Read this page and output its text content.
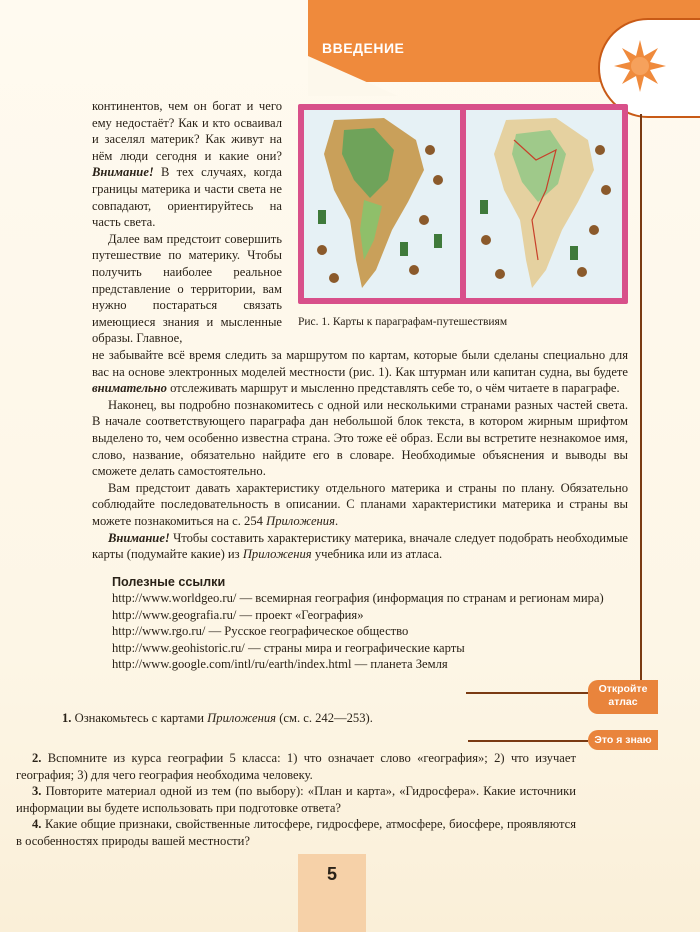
ВВЕДЕНИЕ

континентов, чем он богат и чего ему недостаёт? Как и кто осваивал и заселял материк? Как живут на нём люди сегодня и какие они? Внимание! В тех случаях, когда границы материка и части света не совпадают, ориентируйтесь на часть света.

Далее вам предстоит совершить путешествие по материку. Чтобы получить наиболее реальное представление о территории, вам нужно постараться связать имеющиеся знания и мысленные образы. Главное,

Рис. 1. Карты к параграфам-путешествиям

не забывайте всё время следить за маршрутом по картам, которые были сделаны специально для вас на основе электронных моделей местности (рис. 1). Как штурман или капитан судна, вы будете внимательно отслеживать маршрут и мысленно представлять себе то, о чём читаете в параграфе.

Наконец, вы подробно познакомитесь с одной или несколькими странами разных частей света. В начале соответствующего параграфа дан небольшой блок текста, в котором жирным шрифтом выделено то, чем особенно известна страна. Это тоже её образ. Если вы встретите незнакомое имя, слово, название, обязательно найдите его в словаре. Необходимые объяснения и выводы вы сможете делать самостоятельно.

Вам предстоит давать характеристику отдельного материка и страны по плану. Обязательно соблюдайте последовательность в описании. С планами характеристики материка и страны вы можете познакомиться на с. 254 Приложения.

Внимание! Чтобы составить характеристику материка, вначале следует подобрать необходимые карты (подумайте какие) из Приложения учебника или из атласа.

Полезные ссылки
http://www.worldgeo.ru/ — всемирная география (информация по странам и регионам мира)
http://www.geografia.ru/ — проект «География»
http://www.rgo.ru/ — Русское географическое общество
http://www.geohistoric.ru/ — страны мира и географические карты
http://www.google.com/intl/ru/earth/index.html — планета Земля
Откройте атлас
Это я знаю

1. Ознакомьтесь с картами Приложения (см. с. 242—253).

2. Вспомните из курса географии 5 класса: 1) что означает слово «география»; 2) что изучает география; 3) для чего география необходима человеку.

3. Повторите материал одной из тем (по выбору): «План и карта», «Гидросфера». Какие источники информации вы будете использовать при подготовке ответа?

4. Какие общие признаки, свойственные литосфере, гидросфере, атмосфере, биосфере, проявляются в особенностях природы вашей местности?

5
